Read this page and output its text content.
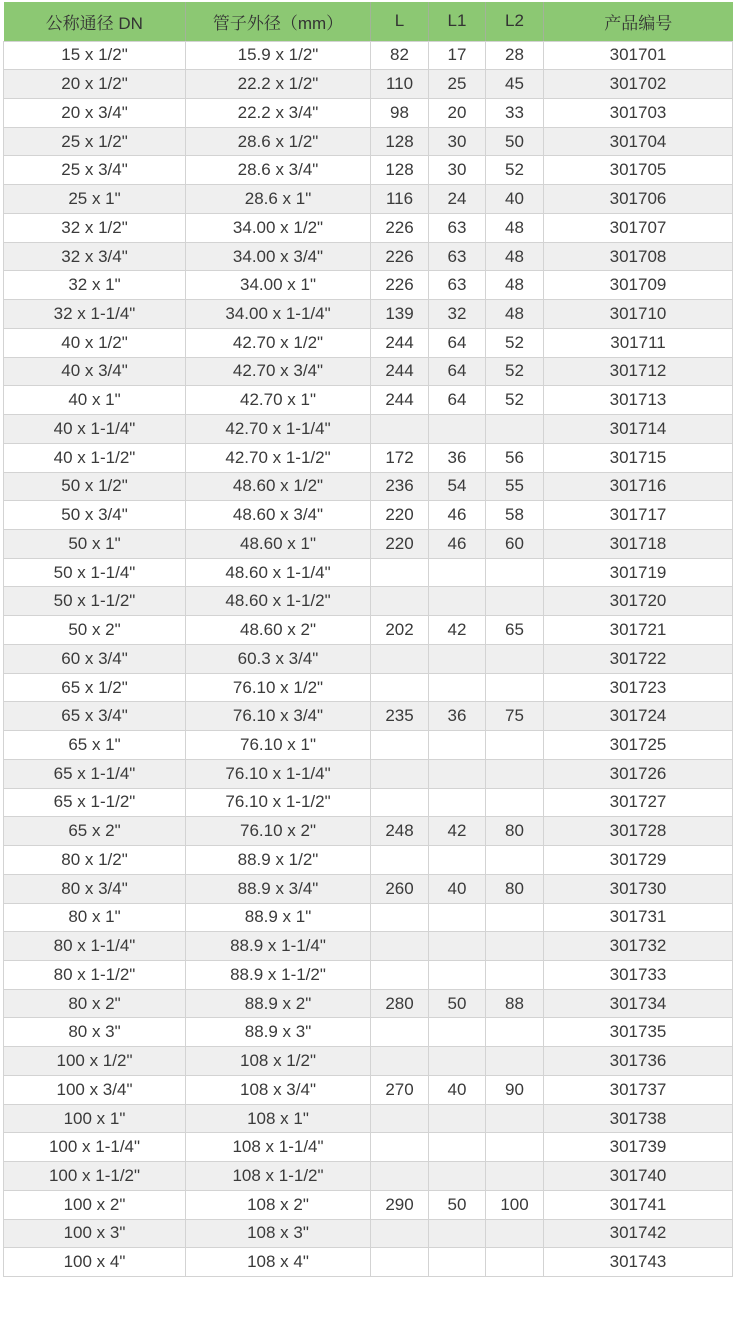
公称通径 DN	管子外径（mm）	L	L1	L2	产品编号
15 x 1/2"	15.9 x 1/2"	82	17	28	301701
20 x 1/2"	22.2 x 1/2"	110	25	45	301702
20 x 3/4"	22.2 x 3/4"	98	20	33	301703
25 x 1/2"	28.6 x 1/2"	128	30	50	301704
25 x 3/4"	28.6 x 3/4"	128	30	52	301705
25 x 1"	28.6 x 1"	116	24	40	301706
32 x 1/2"	34.00 x 1/2"	226	63	48	301707
32 x 3/4"	34.00 x 3/4"	226	63	48	301708
32 x 1"	34.00 x 1"	226	63	48	301709
32 x 1-1/4"	34.00 x 1-1/4"	139	32	48	301710
40 x 1/2"	42.70 x 1/2"	244	64	52	301711
40 x 3/4"	42.70 x 3/4"	244	64	52	301712
40 x 1"	42.70 x 1"	244	64	52	301713
40 x 1-1/4"	42.70 x 1-1/4"				301714
40 x 1-1/2"	42.70 x 1-1/2"	172	36	56	301715
50 x 1/2"	48.60 x 1/2"	236	54	55	301716
50 x 3/4"	48.60 x 3/4"	220	46	58	301717
50 x 1"	48.60 x 1"	220	46	60	301718
50 x 1-1/4"	48.60 x 1-1/4"				301719
50 x 1-1/2"	48.60 x 1-1/2"				301720
50 x 2"	48.60 x 2"	202	42	65	301721
60 x 3/4"	60.3 x 3/4"				301722
65 x 1/2"	76.10 x 1/2"				301723
65 x 3/4"	76.10 x 3/4"	235	36	75	301724
65 x 1"	76.10 x 1"				301725
65 x 1-1/4"	76.10 x 1-1/4"				301726
65 x 1-1/2"	76.10 x 1-1/2"				301727
65 x 2"	76.10 x 2"	248	42	80	301728
80 x 1/2"	88.9 x 1/2"				301729
80 x 3/4"	88.9 x 3/4"	260	40	80	301730
80 x 1"	88.9 x 1"				301731
80 x 1-1/4"	88.9 x 1-1/4"				301732
80 x 1-1/2"	88.9 x 1-1/2"				301733
80 x 2"	88.9 x 2"	280	50	88	301734
80 x 3"	88.9 x 3"				301735
100 x 1/2"	108 x 1/2"				301736
100 x 3/4"	108 x 3/4"	270	40	90	301737
100 x 1"	108 x 1"				301738
100 x 1-1/4"	108 x 1-1/4"				301739
100 x 1-1/2"	108 x 1-1/2"				301740
100 x 2"	108 x 2"	290	50	100	301741
100 x 3"	108 x 3"				301742
100 x 4"	108 x 4"				301743
